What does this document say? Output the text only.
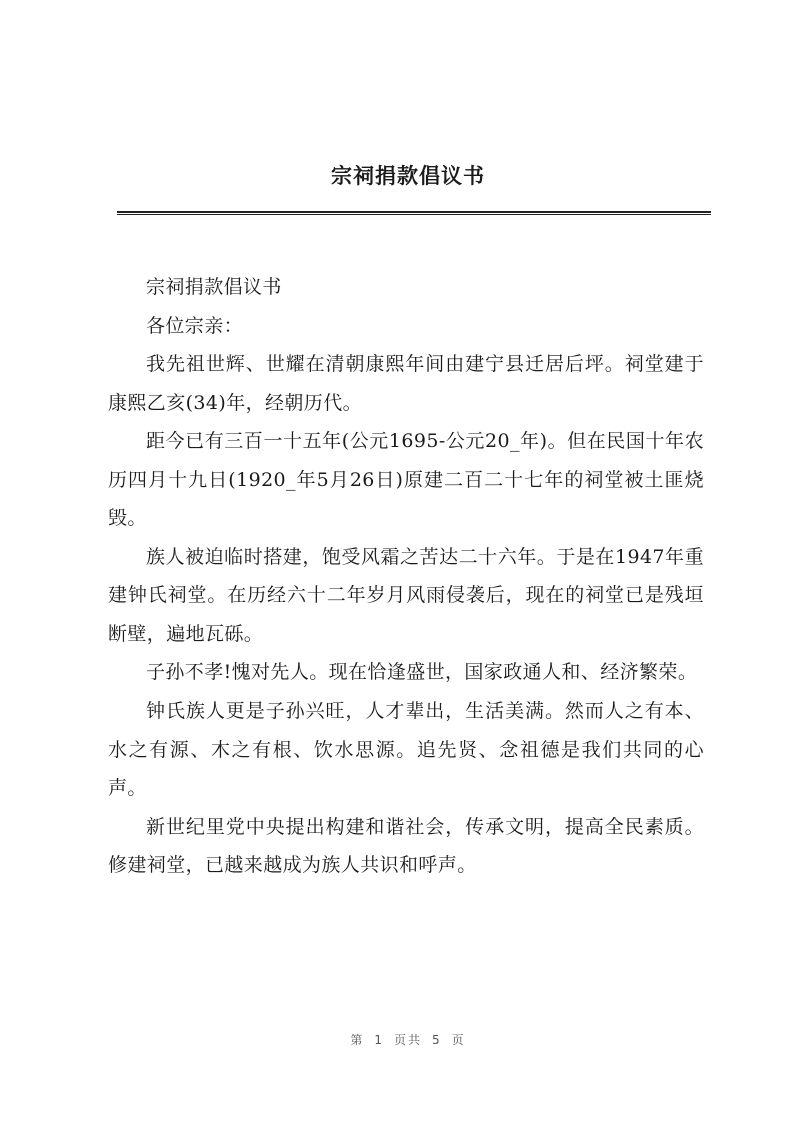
宗祠捐款倡议书

宗祠捐款倡议书

各位宗亲：

我先祖世辉、世耀在清朝康熙年间由建宁县迁居后坪。祠堂建于康熙乙亥(34)年，经朝历代。

距今已有三百一十五年(公元1695-公元20_年)。但在民国十年农历四月十九日(1920_年5月26日)原建二百二十七年的祠堂被土匪烧毁。

族人被迫临时搭建，饱受风霜之苦达二十六年。于是在1947年重建钟氏祠堂。在历经六十二年岁月风雨侵袭后，现在的祠堂已是残垣断壁，遍地瓦砾。

子孙不孝!愧对先人。现在恰逢盛世，国家政通人和、经济繁荣。

钟氏族人更是子孙兴旺，人才辈出，生活美满。然而人之有本、水之有源、木之有根、饮水思源。追先贤、念祖德是我们共同的心声。

新世纪里党中央提出构建和谐社会，传承文明，提高全民素质。修建祠堂，已越来越成为族人共识和呼声。

第 1 页共 5 页
